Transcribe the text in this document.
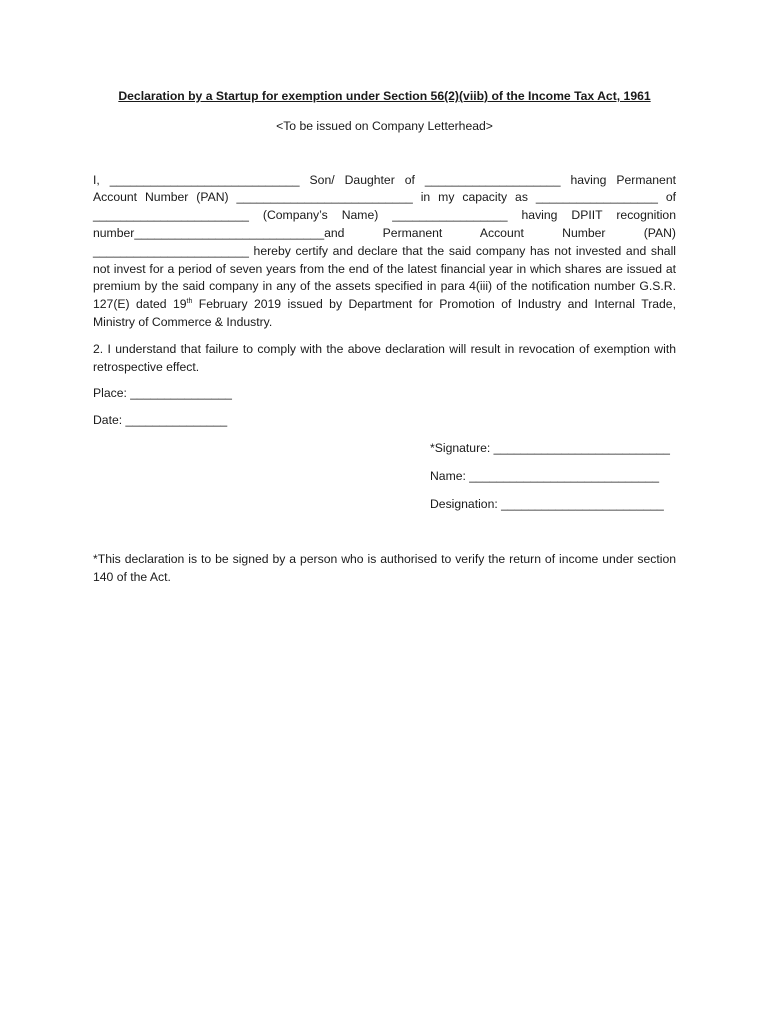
Declaration by a Startup for exemption under Section 56(2)(viib) of the Income Tax Act, 1961

<To be issued on Company Letterhead>

I, ____________________________ Son/ Daughter of ____________________ having Permanent Account Number (PAN) __________________________ in my capacity as __________________ of _______________________ (Company’s Name) _________________ having DPIIT recognition number____________________________and Permanent Account Number (PAN) _______________________ hereby certify and declare that the said company has not invested and shall not invest for a period of seven years from the end of the latest financial year in which shares are issued at premium by the said company in any of the assets specified in para 4(iii) of the notification number G.S.R. 127(E) dated 19th February 2019 issued by Department for Promotion of Industry and Internal Trade, Ministry of Commerce & Industry.

2. I understand that failure to comply with the above declaration will result in revocation of exemption with retrospective effect.

Place: _______________

Date: _______________

*Signature: __________________________

Name: ____________________________

Designation: ________________________

*This declaration is to be signed by a person who is authorised to verify the return of income under section 140 of the Act.
